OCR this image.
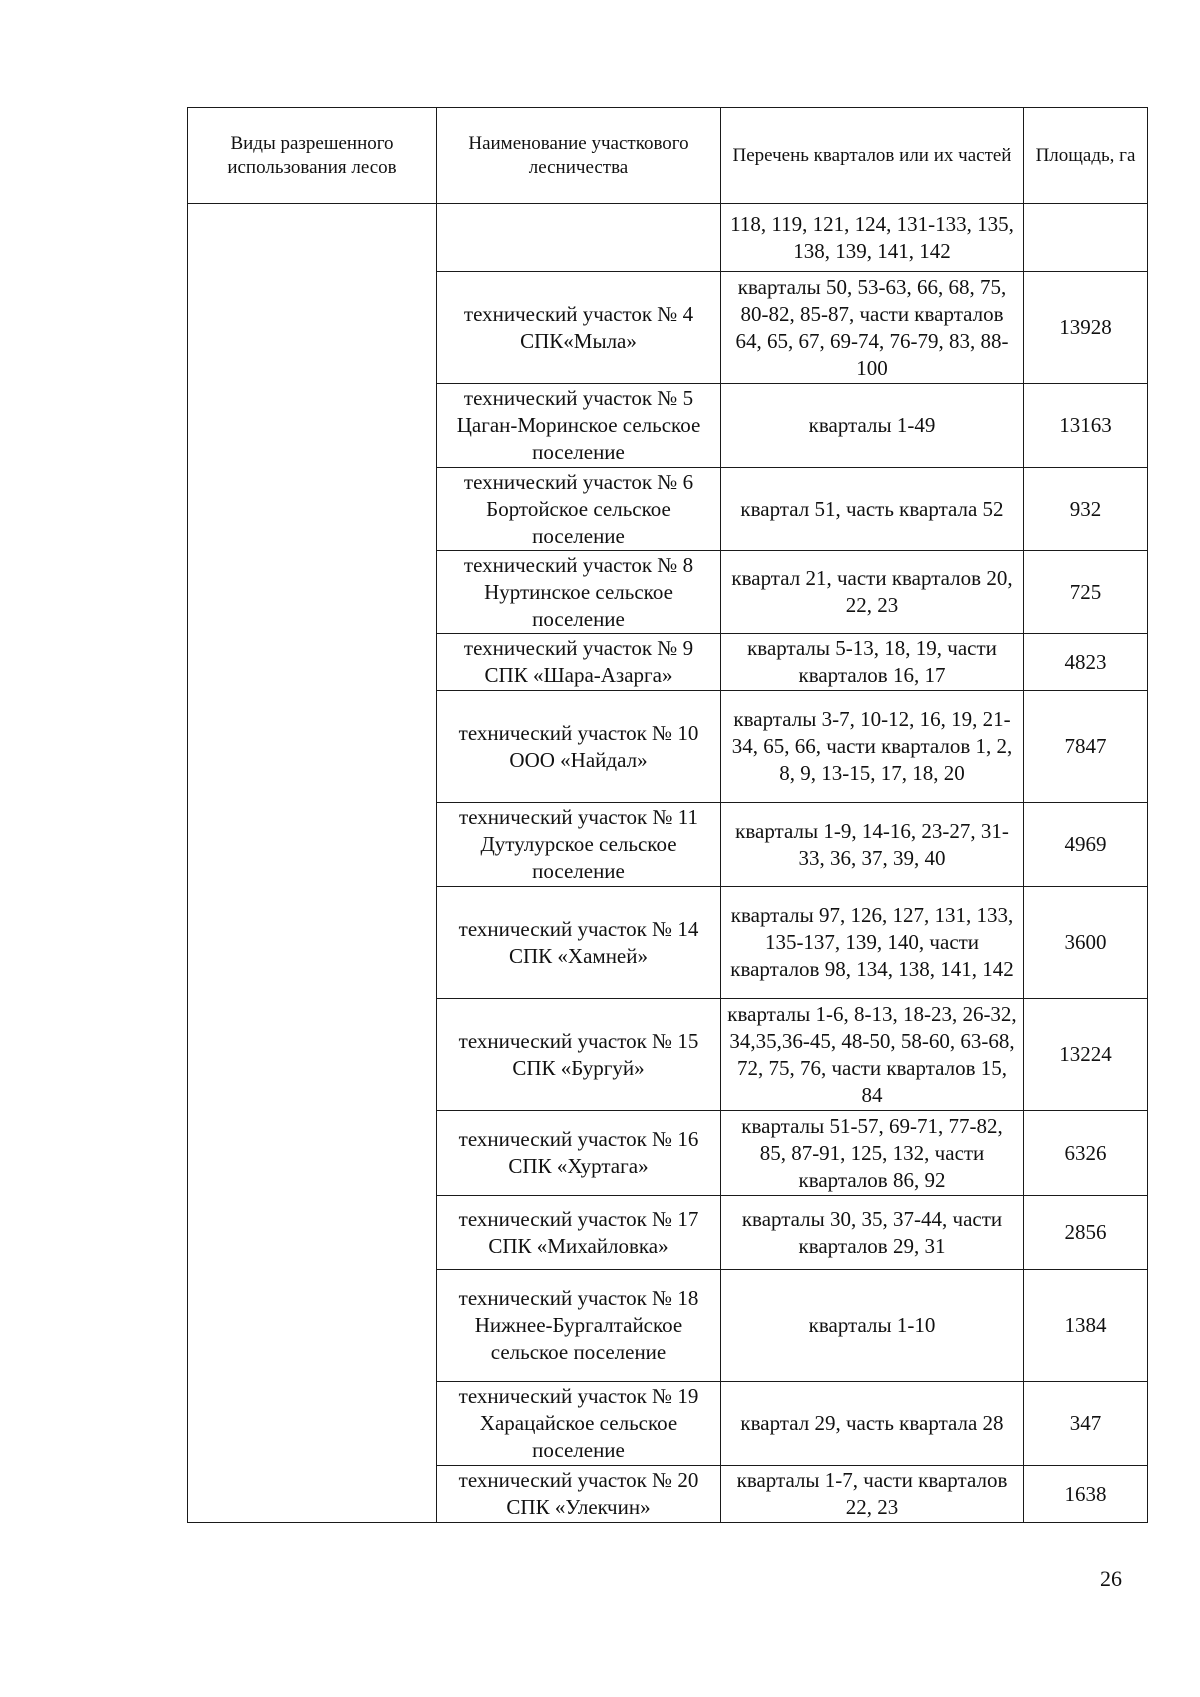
Виды разрешенного использования лесов	Наименование участкового лесничества	Перечень кварталов или их частей	Площадь, га
		118, 119, 121, 124, 131-133, 135, 138, 139, 141, 142	
	технический участок № 4 СПК«Мыла»	кварталы 50, 53-63, 66, 68, 75, 80-82, 85-87, части кварталов 64, 65, 67, 69-74, 76-79, 83, 88-100	13928
	технический участок № 5 Цаган-Моринское сельское поселение	кварталы 1-49	13163
	технический участок № 6 Бортойское сельское поселение	квартал 51, часть квартала 52	932
	технический участок № 8 Нуртинское сельское поселение	квартал 21, части кварталов 20, 22, 23	725
	технический участок № 9 СПК «Шара-Азарга»	кварталы 5-13, 18, 19, части кварталов 16, 17	4823
	технический участок № 10 ООО «Найдал»	кварталы 3-7, 10-12, 16, 19, 21-34, 65, 66, части кварталов 1, 2, 8, 9, 13-15, 17, 18, 20	7847
	технический участок № 11 Дутулурское сельское поселение	кварталы 1-9, 14-16, 23-27, 31-33, 36, 37, 39, 40	4969
	технический участок № 14 СПК «Хамней»	кварталы 97, 126, 127, 131, 133, 135-137, 139, 140, части кварталов 98, 134, 138, 141, 142	3600
	технический участок № 15 СПК «Бургуй»	кварталы 1-6, 8-13, 18-23, 26-32, 34,35,36-45, 48-50, 58-60, 63-68, 72, 75, 76, части кварталов 15, 84	13224
	технический участок № 16 СПК «Хуртага»	кварталы 51-57, 69-71, 77-82, 85, 87-91, 125, 132, части кварталов 86, 92	6326
	технический участок № 17 СПК «Михайловка»	кварталы 30, 35, 37-44, части кварталов 29, 31	2856
	технический участок № 18 Нижнее-Бургалтайское сельское поселение	кварталы 1-10	1384
	технический участок № 19 Харацайское сельское поселение	квартал 29, часть квартала 28	347
	технический участок № 20 СПК «Улекчин»	кварталы 1-7, части кварталов 22, 23	1638
26
